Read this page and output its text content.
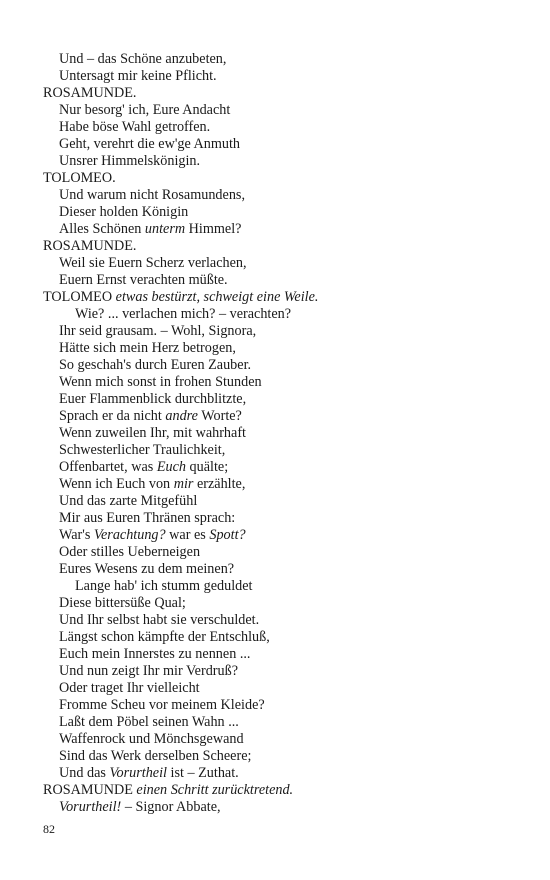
Und – das Schöne anzubeten,
Untersagt mir keine Pflicht.
ROSAMUNDE.
Nur besorg' ich, Eure Andacht
Habe böse Wahl getroffen.
Geht, verehrt die ew'ge Anmuth
Unsrer Himmelskönigin.
TOLOMEO.
Und warum nicht Rosamundens,
Dieser holden Königin
Alles Schönen unterm Himmel?
ROSAMUNDE.
Weil sie Euern Scherz verlachen,
Euern Ernst verachten müßte.
TOLOMEO etwas bestürzt, schweigt eine Weile.
Wie? ... verlachen mich? – verachten?
Ihr seid grausam. – Wohl, Signora,
Hätte sich mein Herz betrogen,
So geschah's durch Euren Zauber.
Wenn mich sonst in frohen Stunden
Euer Flammenblick durchblitzte,
Sprach er da nicht andre Worte?
Wenn zuweilen Ihr, mit wahrhaft
Schwesterlicher Traulichkeit,
Offenbartet, was Euch quälte;
Wenn ich Euch von mir erzählte,
Und das zarte Mitgefühl
Mir aus Euren Thränen sprach:
War's Verachtung? war es Spott?
Oder stilles Ueberneigen
Eures Wesens zu dem meinen?
Lange hab' ich stumm geduldet
Diese bittersüße Qual;
Und Ihr selbst habt sie verschuldet.
Längst schon kämpfte der Entschluß,
Euch mein Innerstes zu nennen ...
Und nun zeigt Ihr mir Verdruß?
Oder traget Ihr vielleicht
Fromme Scheu vor meinem Kleide?
Laßt dem Pöbel seinen Wahn ...
Waffenrock und Mönchsgewand
Sind das Werk derselben Scheere;
Und das Vorurtheil ist – Zuthat.
ROSAMUNDE einen Schritt zurücktretend.
Vorurtheil! – Signor Abbate,
82
